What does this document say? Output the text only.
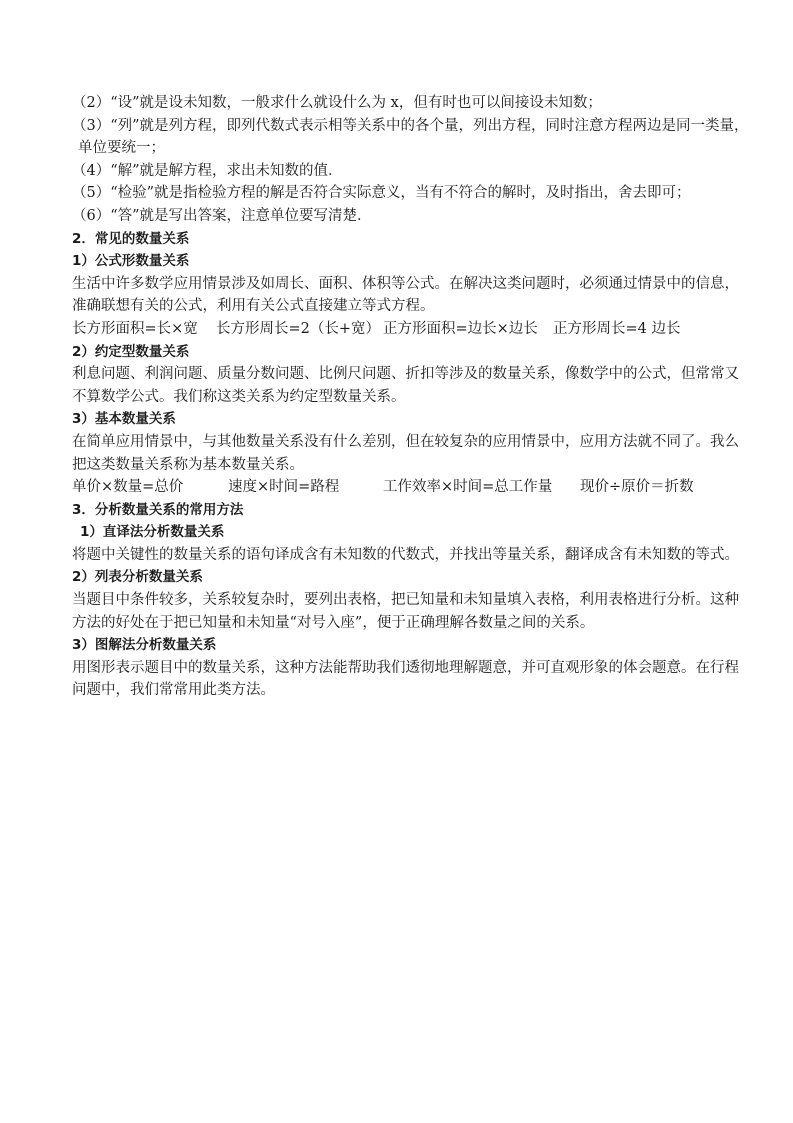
（2）“设”就是设未知数，一般求什么就设什么为 x，但有时也可以间接设未知数；

（3）“列”就是列方程，即列代数式表示相等关系中的各个量，列出方程，同时注意方程两边是同一类量，

单位要统一；

（4）“解”就是解方程，求出未知数的值．

（5）“检验”就是指检验方程的解是否符合实际意义，当有不符合的解时，及时指出，舍去即可；

（6）“答”就是写出答案，注意单位要写清楚．

2．常见的数量关系

1）公式形数量关系

生活中许多数学应用情景涉及如周长、面积、体积等公式。在解决这类问题时，必须通过情景中的信息，

准确联想有关的公式，利用有关公式直接建立等式方程。

长方形面积=长×宽 长方形周长=2（长+宽） 正方形面积=边长×边长 正方形周长=4 边长

2）约定型数量关系

利息问题、利润问题、质量分数问题、比例尺问题、折扣等涉及的数量关系，像数学中的公式，但常常又

不算数学公式。我们称这类关系为约定型数量关系。

3）基本数量关系

在简单应用情景中，与其他数量关系没有什么差别，但在较复杂的应用情景中，应用方法就不同了。我么

把这类数量关系称为基本数量关系。

单价×数量=总价	速度×时间=路程	工作效率×时间=总工作量 现价÷原价＝折数

3．分析数量关系的常用方法

1）直译法分析数量关系

将题中关键性的数量关系的语句译成含有未知数的代数式，并找出等量关系，翻译成含有未知数的等式。

2）列表分析数量关系

当题目中条件较多，关系较复杂时，要列出表格，把已知量和未知量填入表格，利用表格进行分析。这种

方法的好处在于把已知量和未知量“对号入座”，便于正确理解各数量之间的关系。

3）图解法分析数量关系

用图形表示题目中的数量关系，这种方法能帮助我们透彻地理解题意，并可直观形象的体会题意。在行程

问题中，我们常常用此类方法。
